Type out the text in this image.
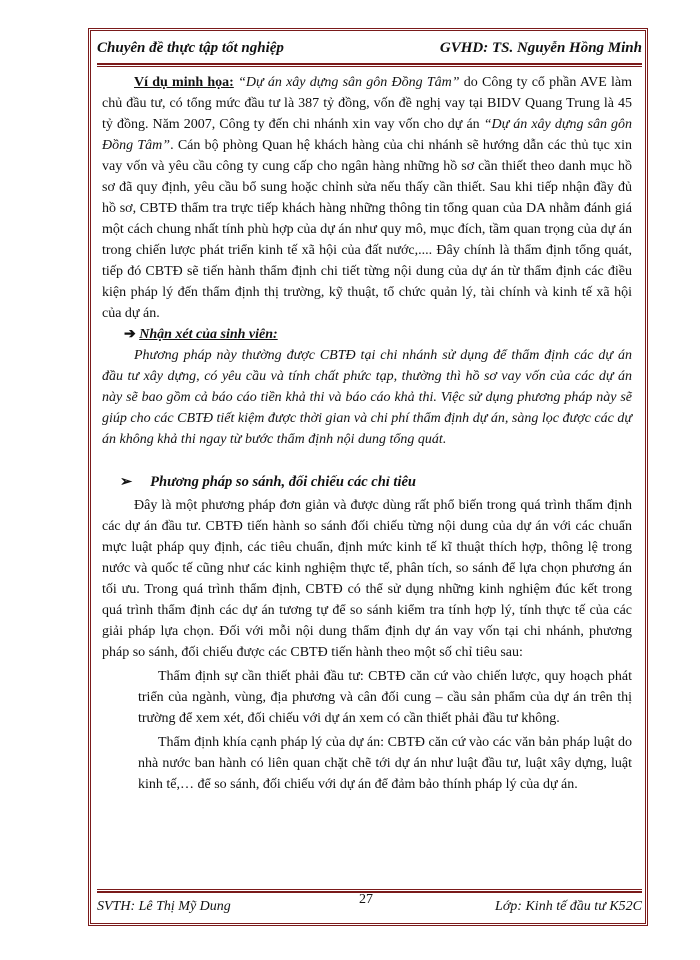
Chuyên đề thực tập tốt nghiệp	GVHD: TS. Nguyễn Hồng Minh

Ví dụ minh họa: “Dự án xây dựng sân gôn Đồng Tâm” do Công ty cổ phần AVE làm chủ đầu tư, có tổng mức đầu tư là 387 tỷ đồng, vốn đề nghị vay tại BIDV Quang Trung là 45 tỷ đồng. Năm 2007, Công ty đến chi nhánh xin vay vốn cho dự án “Dự án xây dựng sân gôn Đồng Tâm”. Cán bộ phòng Quan hệ khách hàng của chi nhánh sẽ hướng dẫn các thủ tục xin vay vốn và yêu cầu công ty cung cấp cho ngân hàng những hồ sơ cần thiết theo danh mục hồ sơ đã quy định, yêu cầu bổ sung hoặc chỉnh sửa nếu thấy cần thiết. Sau khi tiếp nhận đầy đủ hồ sơ, CBTĐ thẩm tra trực tiếp khách hàng những thông tin tổng quan của DA nhằm đánh giá một cách chung nhất tính phù hợp của dự án như quy mô, mục đích, tầm quan trọng của dự án trong chiến lược phát triển kinh tế xã hội của đất nước,.... Đây chính là thẩm định tổng quát, tiếp đó CBTĐ sẽ tiến hành thẩm định chi tiết từng nội dung của dự án từ thẩm định các điều kiện pháp lý đến thẩm định thị trường, kỹ thuật, tổ chức quản lý, tài chính và kinh tế xã hội của dự án.

➔ Nhận xét của sinh viên:

Phương pháp này thường được CBTĐ tại chi nhánh sử dụng để thẩm định các dự án đầu tư xây dựng, có yêu cầu và tính chất phức tạp, thường thì hồ sơ vay vốn của các dự án này sẽ bao gồm cả báo cáo tiền khả thi và báo cáo khả thi. Việc sử dụng phương pháp này sẽ giúp cho các CBTĐ tiết kiệm được thời gian và chi phí thẩm định dự án, sàng lọc được các dự án không khả thi ngay từ bước thẩm định nội dung tổng quát.

➢ Phương pháp so sánh, đối chiếu các chỉ tiêu

Đây là một phương pháp đơn giản và được dùng rất phổ biến trong quá trình thẩm định các dự án đầu tư. CBTĐ tiến hành so sánh đối chiếu từng nội dung của dự án với các chuẩn mực luật pháp quy định, các tiêu chuẩn, định mức kinh tế kĩ thuật thích hợp, thông lệ trong nước và quốc tế cũng như các kinh nghiệm thực tế, phân tích, so sánh để lựa chọn phương án tối ưu. Trong quá trình thẩm định, CBTĐ có thể sử dụng những kinh nghiệm đúc kết trong quá trình thẩm định các dự án tương tự để so sánh kiểm tra tính hợp lý, tính thực tế của các giải pháp lựa chọn. Đối với mỗi nội dung thẩm định dự án vay vốn tại chi nhánh, phương pháp so sánh, đối chiếu được các CBTĐ tiến hành theo một số chỉ tiêu sau:

Thẩm định sự cần thiết phải đầu tư: CBTĐ căn cứ vào chiến lược, quy hoạch phát triển của ngành, vùng, địa phương và cân đối cung – cầu sản phẩm của dự án trên thị trường để xem xét, đối chiếu với dự án xem có cần thiết phải đầu tư không.

Thẩm định khía cạnh pháp lý của dự án: CBTĐ căn cứ vào các văn bản pháp luật do nhà nước ban hành có liên quan chặt chẽ tới dự án như luật đầu tư, luật xây dựng, luật kinh tế,… để so sánh, đối chiếu với dự án để đảm bảo thính pháp lý của dự án.

SVTH: Lê Thị Mỹ Dung	27	Lớp: Kinh tế đầu tư K52C
